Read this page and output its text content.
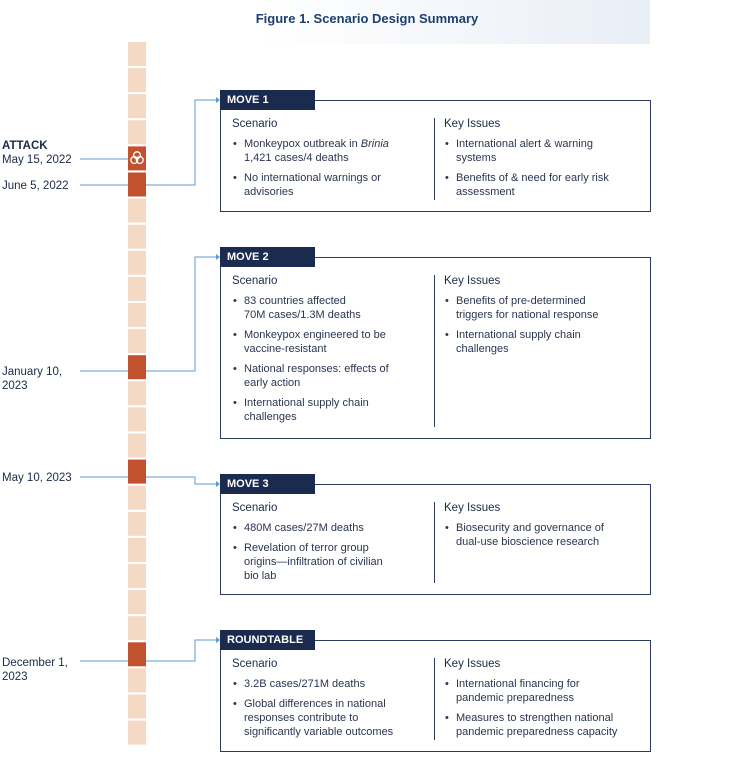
Figure 1. Scenario Design Summary
ATTACK
May 15, 2022
June 5, 2022
January 10,
2023
May 10, 2023
December 1,
2023
MOVE 1
Scenario
• Monkeypox outbreak in Brinia
1,421 cases/4 deaths
• No international warnings or
advisories
Key Issues
• International alert & warning
systems
• Benefits of & need for early risk
assessment
MOVE 2
Scenario
• 83 countries affected
70M cases/1.3M deaths
• Monkeypox engineered to be
vaccine-resistant
• National responses: effects of
early action
• International supply chain
challenges
Key Issues
• Benefits of pre-determined
triggers for national response
• International supply chain
challenges
MOVE 3
Scenario
• 480M cases/27M deaths
• Revelation of terror group
origins—infiltration of civilian
bio lab
Key Issues
• Biosecurity and governance of
dual-use bioscience research
ROUNDTABLE
Scenario
• 3.2B cases/271M deaths
• Global differences in national
responses contribute to
significantly variable outcomes
Key Issues
• International financing for
pandemic preparedness
• Measures to strengthen national
pandemic preparedness capacity
